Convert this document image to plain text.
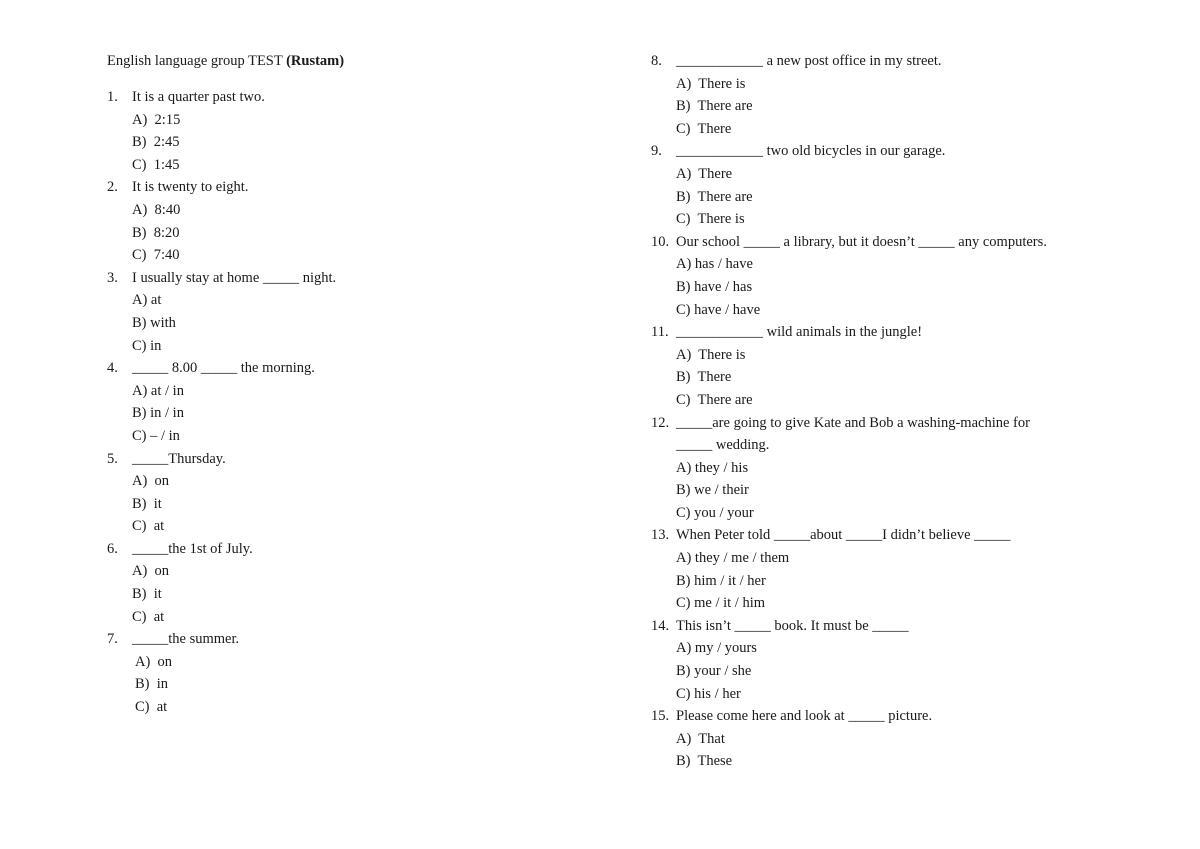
English language group TEST (Rustam)
1. It is a quarter past two.
A)  2:15
B)  2:45
C)  1:45
2. It is twenty to eight.
A)  8:40
B)  8:20
C)  7:40
3. I usually stay at home _____ night.
A) at
B) with
C) in
4. _____ 8.00 _____ the morning.
A) at / in
B) in / in
C) – / in
5. _____Thursday.
A)  on
B)  it
C)  at
6. _____the 1st of July.
A)  on
B)  it
C)  at
7. _____the summer.
A)  on
B)  in
C)  at
8. ____________ a new post office in my street.
A)  There is
B)  There are
C)  There
9. ____________ two old bicycles in our garage.
A)  There
B)  There are
C)  There is
10. Our school _____ a library, but it doesn’t _____ any computers.
A) has / have
B) have / has
C) have / have
11. ____________ wild animals in the jungle!
A)  There is
B)  There
C)  There are
12. _____are going to give Kate and Bob a washing-machine for
_____ wedding.
A) they / his
B) we / their
C) you / your
13. When Peter told _____about _____I didn’t believe _____
A) they / me / them
B) him / it / her
C) me / it / him
14. This isn’t _____ book. It must be _____
A) my / yours
B) your / she
C) his / her
15. Please come here and look at _____ picture.
A)  That
B)  These
